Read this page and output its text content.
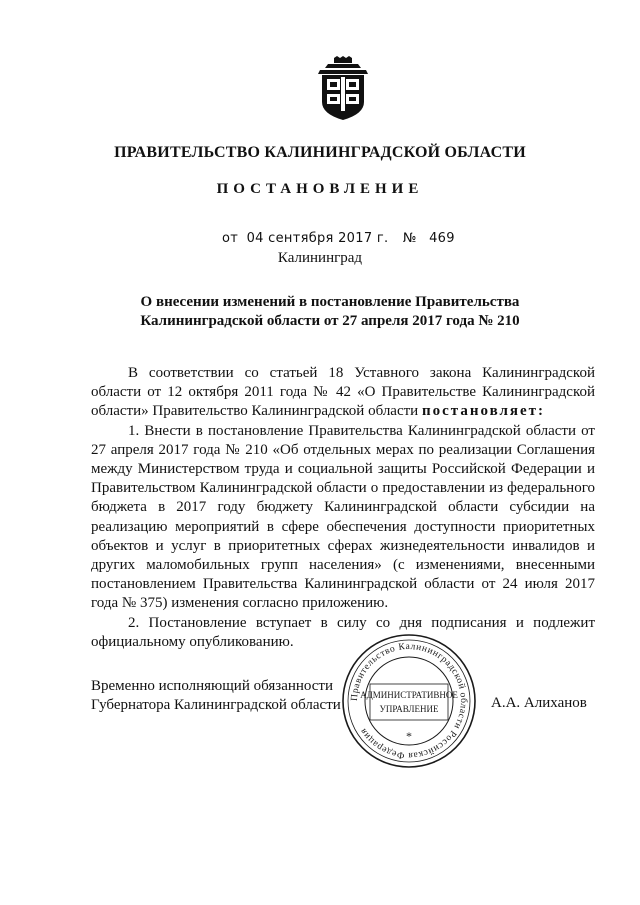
ПРАВИТЕЛЬСТВО КАЛИНИНГРАДСКОЙ ОБЛАСТИ
ПОСТАНОВЛЕНИЕ
от 04 сентября 2017 г. № 469
Калининград
О внесении изменений в постановление Правительства
Калининградской области от 27 апреля 2017 года № 210

В соответствии со статьей 18 Уставного закона Калининградской области от 12 октября 2011 года № 42 «О Правительстве Калининградской области» Правительство Калининградской области постановляет:

1. Внести в постановление Правительства Калининградской области от 27 апреля 2017 года № 210 «Об отдельных мерах по реализации Соглашения между Министерством труда и социальной защиты Российской Федерации и Правительством Калининградской области о предоставлении из федерального бюджета в 2017 году бюджету Калининградской области субсидии на реализацию мероприятий в сфере обеспечения доступности приоритетных объектов и услуг в приоритетных сферах жизнедеятельности инвалидов и других маломобильных групп населения» (с изменениями, внесенными постановлением Правительства Калининградской области от 24 июля 2017 года № 375) изменения согласно приложению.

2. Постановление вступает в силу со дня подписания и подлежит официальному опубликованию.

Временно исполняющий обязанности
Губернатора Калининградской области	А.А. Алиханов
Правительство Калининградской области Российская Федерация
АДМИНИСТРАТИВНОЕ
УПРАВЛЕНИЕ
*
